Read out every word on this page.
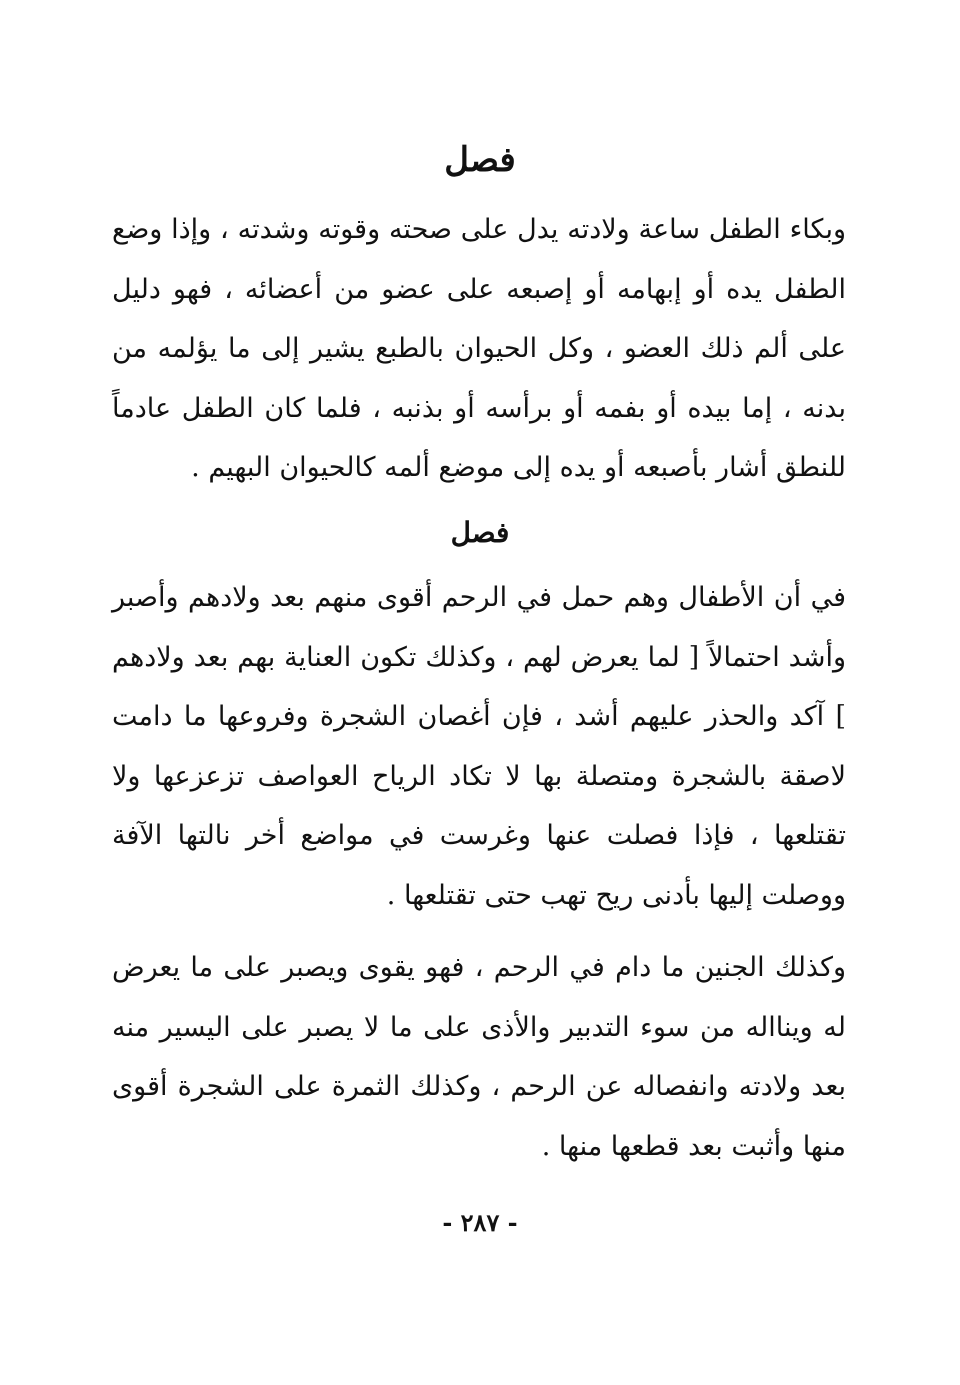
فصل
وبكاء الطفل ساعة ولادته يدل على صحته وقوته وشدته ، وإذا وضع الطفل يده أو إبهامه أو إصبعه على عضو من أعضائه ، فهو دليل على ألم ذلك العضو ، وكل الحيوان بالطبع يشير إلى ما يؤلمه من بدنه ، إما بيده أو بفمه أو برأسه أو بذنبه ، فلما كان الطفل عادماً للنطق أشار بأصبعه أو يده إلى موضع ألمه كالحيوان البهيم .
فصل
في أن الأطفال وهم حمل في الرحم أقوى منهم بعد ولادهم وأصبر وأشد احتمالاً [ لما يعرض لهم ، وكذلك تكون العناية بهم بعد ولادهم ] آكد والحذر عليهم أشد ، فإن أغصان الشجرة وفروعها ما دامت لاصقة بالشجرة ومتصلة بها لا تكاد الرياح العواصف تزعزعها ولا تقتلعها ، فإذا فصلت عنها وغرست في مواضع أخر نالتها الآفة ووصلت إليها بأدنى ريح تهب حتى تقتلعها .
وكذلك الجنين ما دام في الرحم ، فهو يقوى ويصبر على ما يعرض له وينااله من سوء التدبير والأذى على ما لا يصبر على اليسير منه بعد ولادته وانفصاله عن الرحم ، وكذلك الثمرة على الشجرة أقوى منها وأثبت بعد قطعها منها .
- ٢٨٧ -
